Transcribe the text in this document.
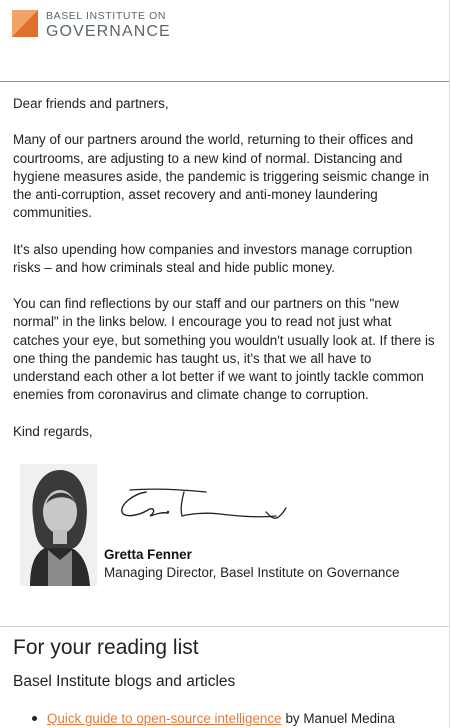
BASEL INSTITUTE ON
GOVERNANCE

Dear friends and partners,

Many of our partners around the world, returning to their offices and courtrooms, are adjusting to a new kind of normal. Distancing and hygiene measures aside, the pandemic is triggering seismic change in the anti-corruption, asset recovery and anti-money laundering communities.

It's also upending how companies and investors manage corruption risks – and how criminals steal and hide public money.

You can find reflections by our staff and our partners on this "new normal" in the links below. I encourage you to read not just what catches your eye, but something you wouldn't usually look at. If there is one thing the pandemic has taught us, it's that we all have to understand each other a lot better if we want to jointly tackle common enemies from coronavirus and climate change to corruption.

Kind regards,

Gretta Fenner
Managing Director, Basel Institute on Governance
For your reading list
Basel Institute blogs and articles
Quick guide to open-source intelligence by Manuel Medina
